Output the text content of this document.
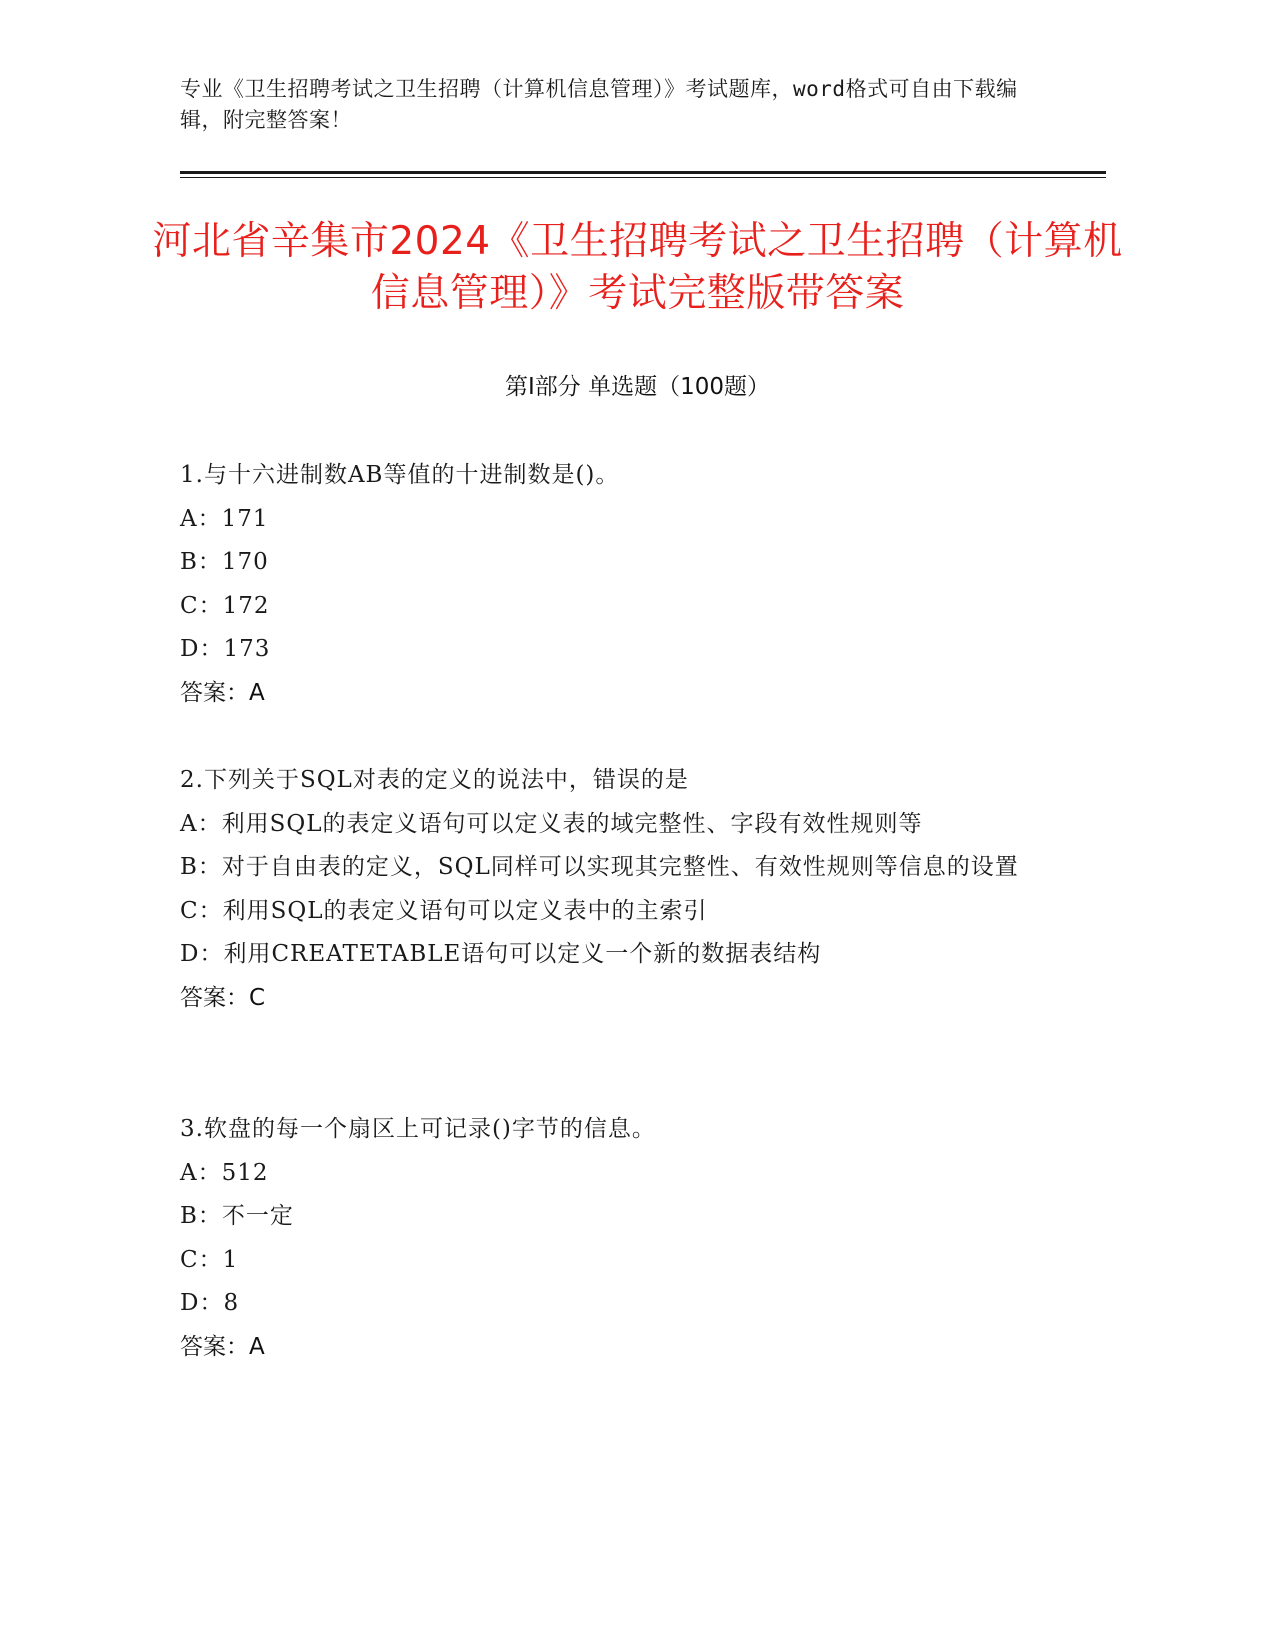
专业《卫生招聘考试之卫生招聘（计算机信息管理）》考试题库，word格式可自由下载编辑，附完整答案！
河北省辛集市2024《卫生招聘考试之卫生招聘（计算机信息管理）》考试完整版带答案
第Ⅰ部分 单选题（100题）
1.与十六进制数AB等值的十进制数是()。
A：171
B：170
C：172
D：173
答案：A
2.下列关于SQL对表的定义的说法中，错误的是
A：利用SQL的表定义语句可以定义表的域完整性、字段有效性规则等
B：对于自由表的定义，SQL同样可以实现其完整性、有效性规则等信息的设置
C：利用SQL的表定义语句可以定义表中的主索引
D：利用CREATETABLE语句可以定义一个新的数据表结构
答案：C
3.软盘的每一个扇区上可记录()字节的信息。
A：512
B：不一定
C：1
D：8
答案：A
